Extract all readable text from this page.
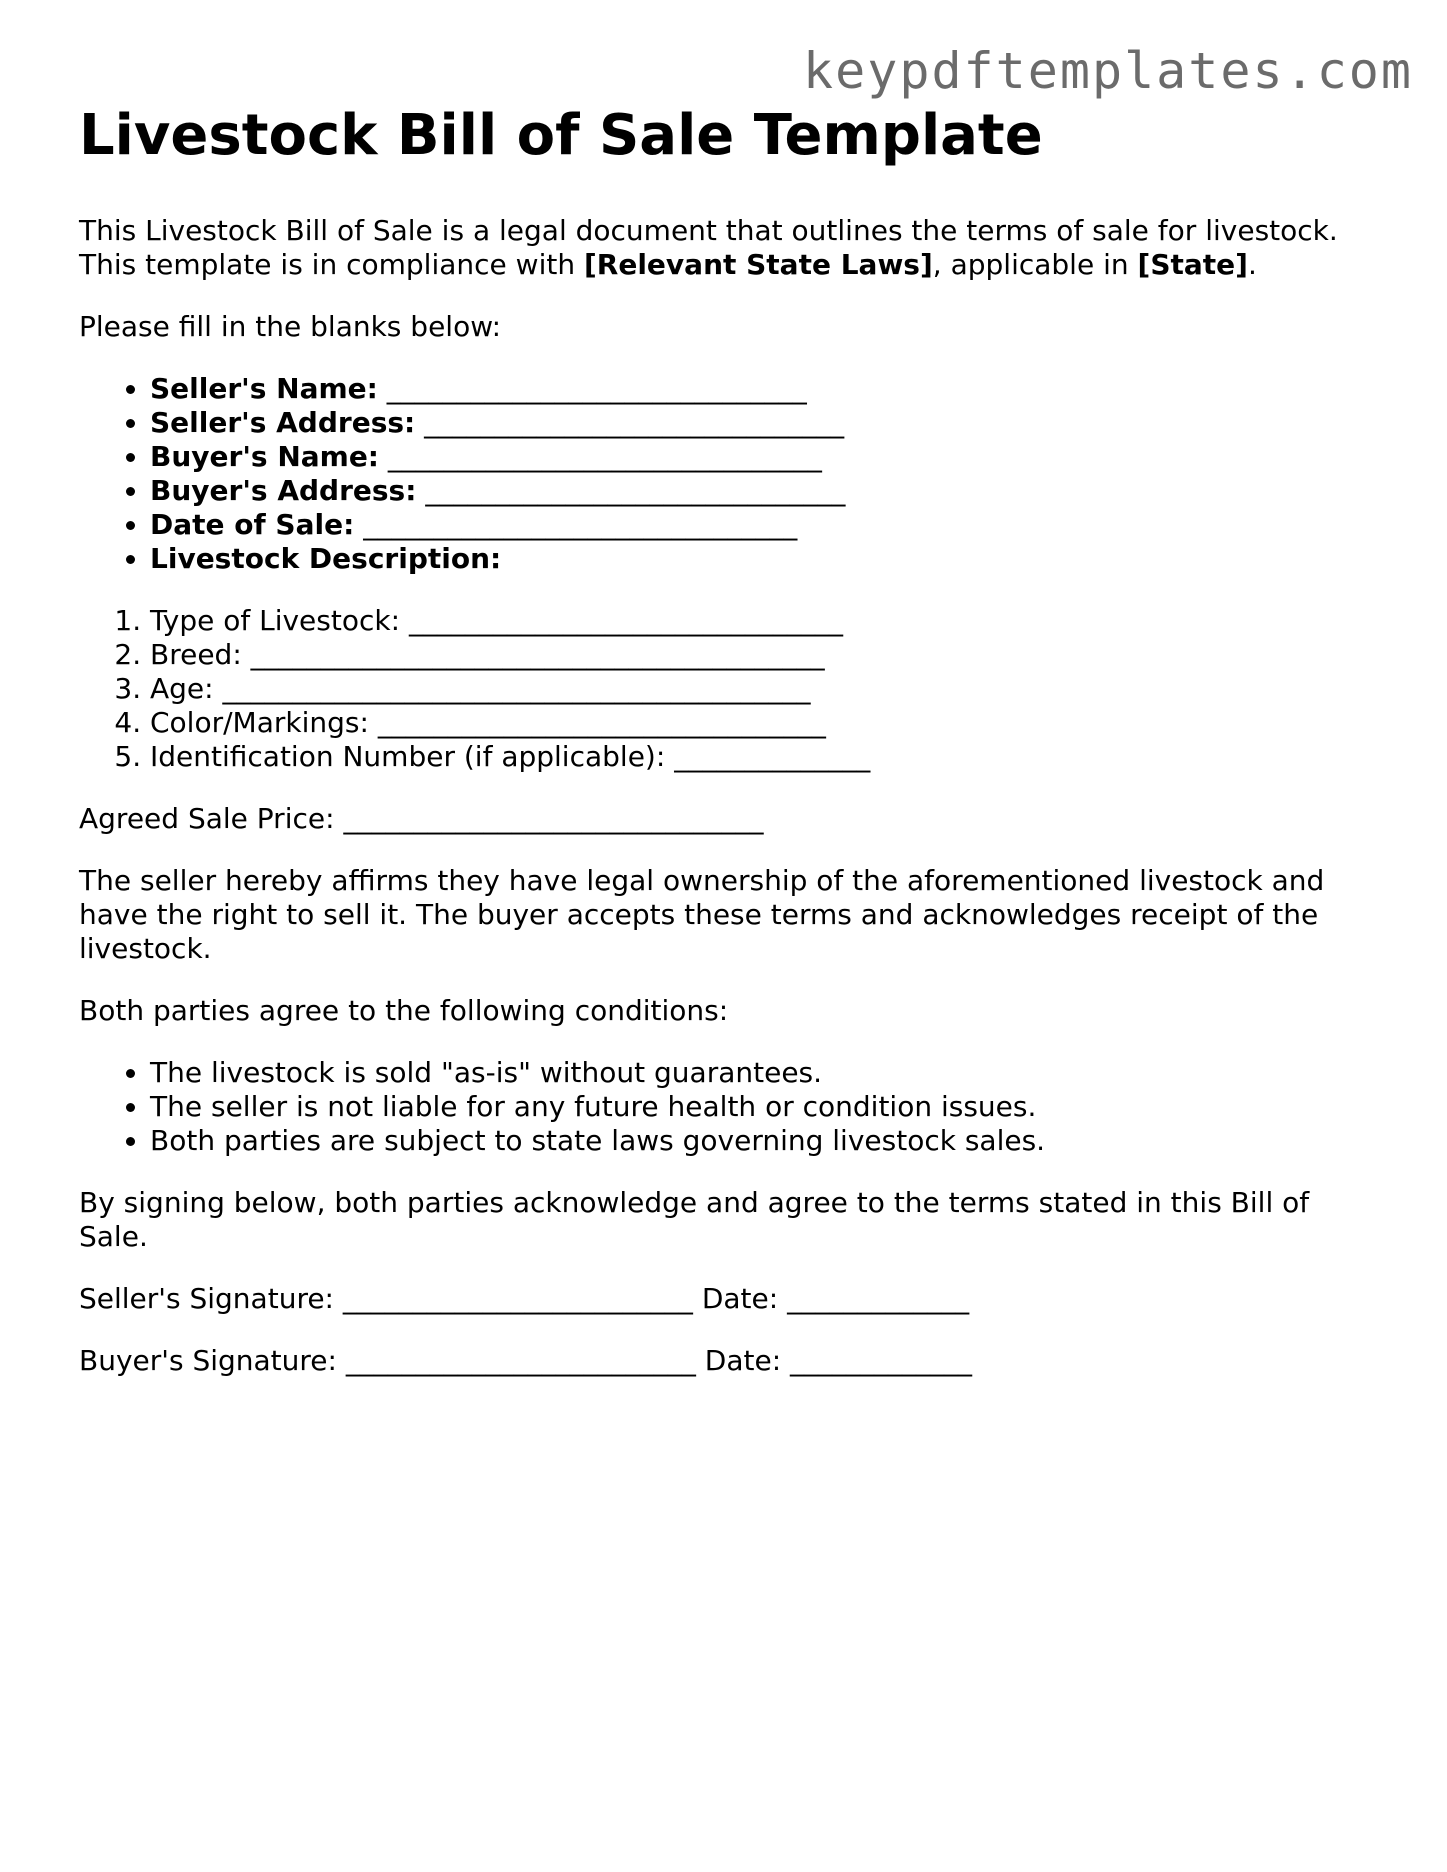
keypdftemplates.com
Livestock Bill of Sale Template

This Livestock Bill of Sale is a legal document that outlines the terms of sale for livestock.
This template is in compliance with [Relevant State Laws], applicable in [State].

Please fill in the blanks below:

• Seller's Name: ______________________________
• Seller's Address: ______________________________
• Buyer's Name: _______________________________
• Buyer's Address: ______________________________
• Date of Sale: _______________________________
• Livestock Description:
1. Type of Livestock: _______________________________
2. Breed: _________________________________________
3. Age: __________________________________________
4. Color/Markings: ________________________________
5. Identification Number (if applicable): ______________

Agreed Sale Price: ______________________________

The seller hereby affirms they have legal ownership of the aforementioned livestock and have the right to sell it. The buyer accepts these terms and acknowledges receipt of the livestock.

Both parties agree to the following conditions:

• The livestock is sold "as-is" without guarantees.
• The seller is not liable for any future health or condition issues.
• Both parties are subject to state laws governing livestock sales.

By signing below, both parties acknowledge and agree to the terms stated in this Bill of Sale.

Seller's Signature: _________________________ Date: _____________

Buyer's Signature: _________________________ Date: _____________
